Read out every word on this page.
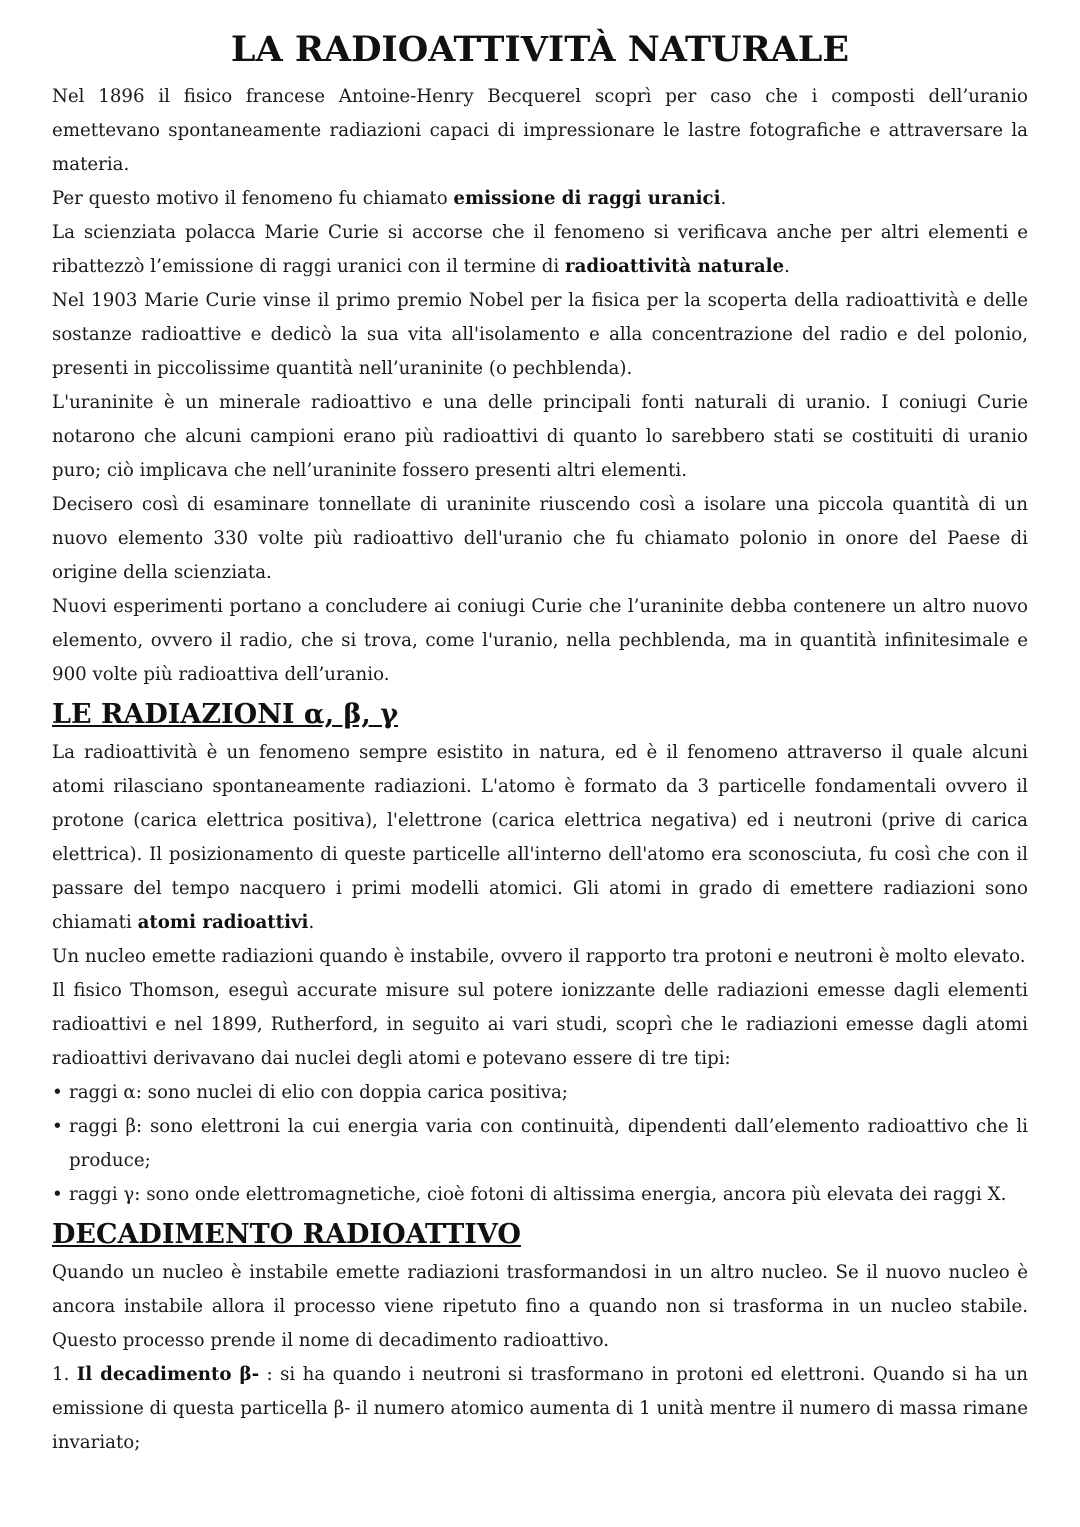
LA RADIOATTIVITÀ NATURALE

Nel 1896 il fisico francese Antoine-Henry Becquerel scoprì per caso che i composti dell’uranio emettevano spontaneamente radiazioni capaci di impressionare le lastre fotografiche e attraversare la materia.

Per questo motivo il fenomeno fu chiamato emissione di raggi uranici.

La scienziata polacca Marie Curie si accorse che il fenomeno si verificava anche per altri elementi e ribattezzò l’emissione di raggi uranici con il termine di radioattività naturale.

Nel 1903 Marie Curie vinse il primo premio Nobel per la fisica per la scoperta della radioattività e delle sostanze radioattive e dedicò la sua vita all'isolamento e alla concentrazione del radio e del polonio, presenti in piccolissime quantità nell’uraninite (o pechblenda).

L'uraninite è un minerale radioattivo e una delle principali fonti naturali di uranio. I coniugi Curie notarono che alcuni campioni erano più radioattivi di quanto lo sarebbero stati se costituiti di uranio puro; ciò implicava che nell’uraninite fossero presenti altri elementi.

Decisero così di esaminare tonnellate di uraninite riuscendo così a isolare una piccola quantità di un nuovo elemento 330 volte più radioattivo dell'uranio che fu chiamato polonio in onore del Paese di origine della scienziata.

Nuovi esperimenti portano a concludere ai coniugi Curie che l’uraninite debba contenere un altro nuovo elemento, ovvero il radio, che si trova, come l'uranio, nella pechblenda, ma in quantità infinitesimale e 900 volte più radioattiva dell’uranio.

LE RADIAZIONI α, β, γ

La radioattività è un fenomeno sempre esistito in natura, ed è il fenomeno attraverso il quale alcuni atomi rilasciano spontaneamente radiazioni. L'atomo è formato da 3 particelle fondamentali ovvero il protone (carica elettrica positiva), l'elettrone (carica elettrica negativa) ed i neutroni (prive di carica elettrica). Il posizionamento di queste particelle all'interno dell'atomo era sconosciuta, fu così che con il passare del tempo nacquero i primi modelli atomici. Gli atomi in grado di emettere radiazioni sono chiamati atomi radioattivi.

Un nucleo emette radiazioni quando è instabile, ovvero il rapporto tra protoni e neutroni è molto elevato.

Il fisico Thomson, eseguì accurate misure sul potere ionizzante delle radiazioni emesse dagli elementi radioattivi e nel 1899, Rutherford, in seguito ai vari studi, scoprì che le radiazioni emesse dagli atomi radioattivi derivavano dai nuclei degli atomi e potevano essere di tre tipi:

• raggi α: sono nuclei di elio con doppia carica positiva;
• raggi β: sono elettroni la cui energia varia con continuità, dipendenti dall’elemento radioattivo che li produce;
• raggi γ: sono onde elettromagnetiche, cioè fotoni di altissima energia, ancora più elevata dei raggi X.
DECADIMENTO RADIOATTIVO

Quando un nucleo è instabile emette radiazioni trasformandosi in un altro nucleo. Se il nuovo nucleo è ancora instabile allora il processo viene ripetuto fino a quando non si trasforma in un nucleo stabile. Questo processo prende il nome di decadimento radioattivo.

1. Il decadimento β- : si ha quando i neutroni si trasformano in protoni ed elettroni. Quando si ha un emissione di questa particella β- il numero atomico aumenta di 1 unità mentre il numero di massa rimane invariato;
